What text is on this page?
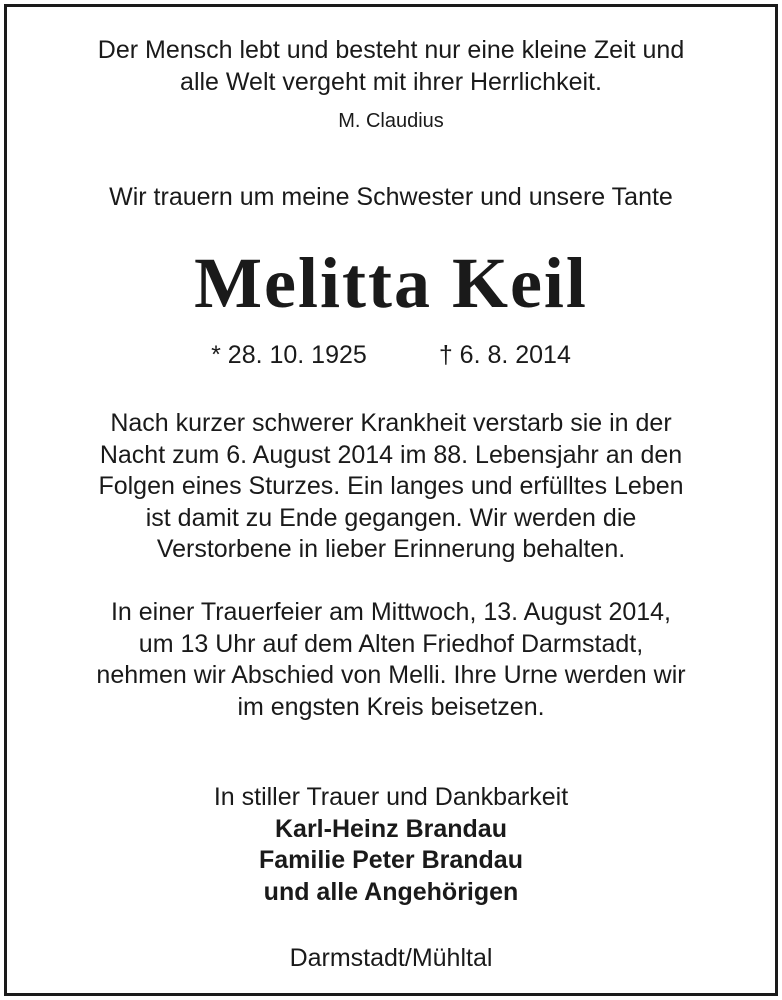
Der Mensch lebt und besteht nur eine kleine Zeit und
alle Welt vergeht mit ihrer Herrlichkeit.
M. Claudius
Wir trauern um meine Schwester und unsere Tante
Melitta Keil
* 28. 10. 1925	† 6. 8. 2014
Nach kurzer schwerer Krankheit verstarb sie in der
Nacht zum 6. August 2014 im 88. Lebensjahr an den
Folgen eines Sturzes. Ein langes und erfülltes Leben
ist damit zu Ende gegangen. Wir werden die
Verstorbene in lieber Erinnerung behalten.
In einer Trauerfeier am Mittwoch, 13. August 2014,
um 13 Uhr auf dem Alten Friedhof Darmstadt,
nehmen wir Abschied von Melli. Ihre Urne werden wir
im engsten Kreis beisetzen.
In stiller Trauer und Dankbarkeit
Karl-Heinz Brandau
Familie Peter Brandau
und alle Angehörigen
Darmstadt/Mühltal
